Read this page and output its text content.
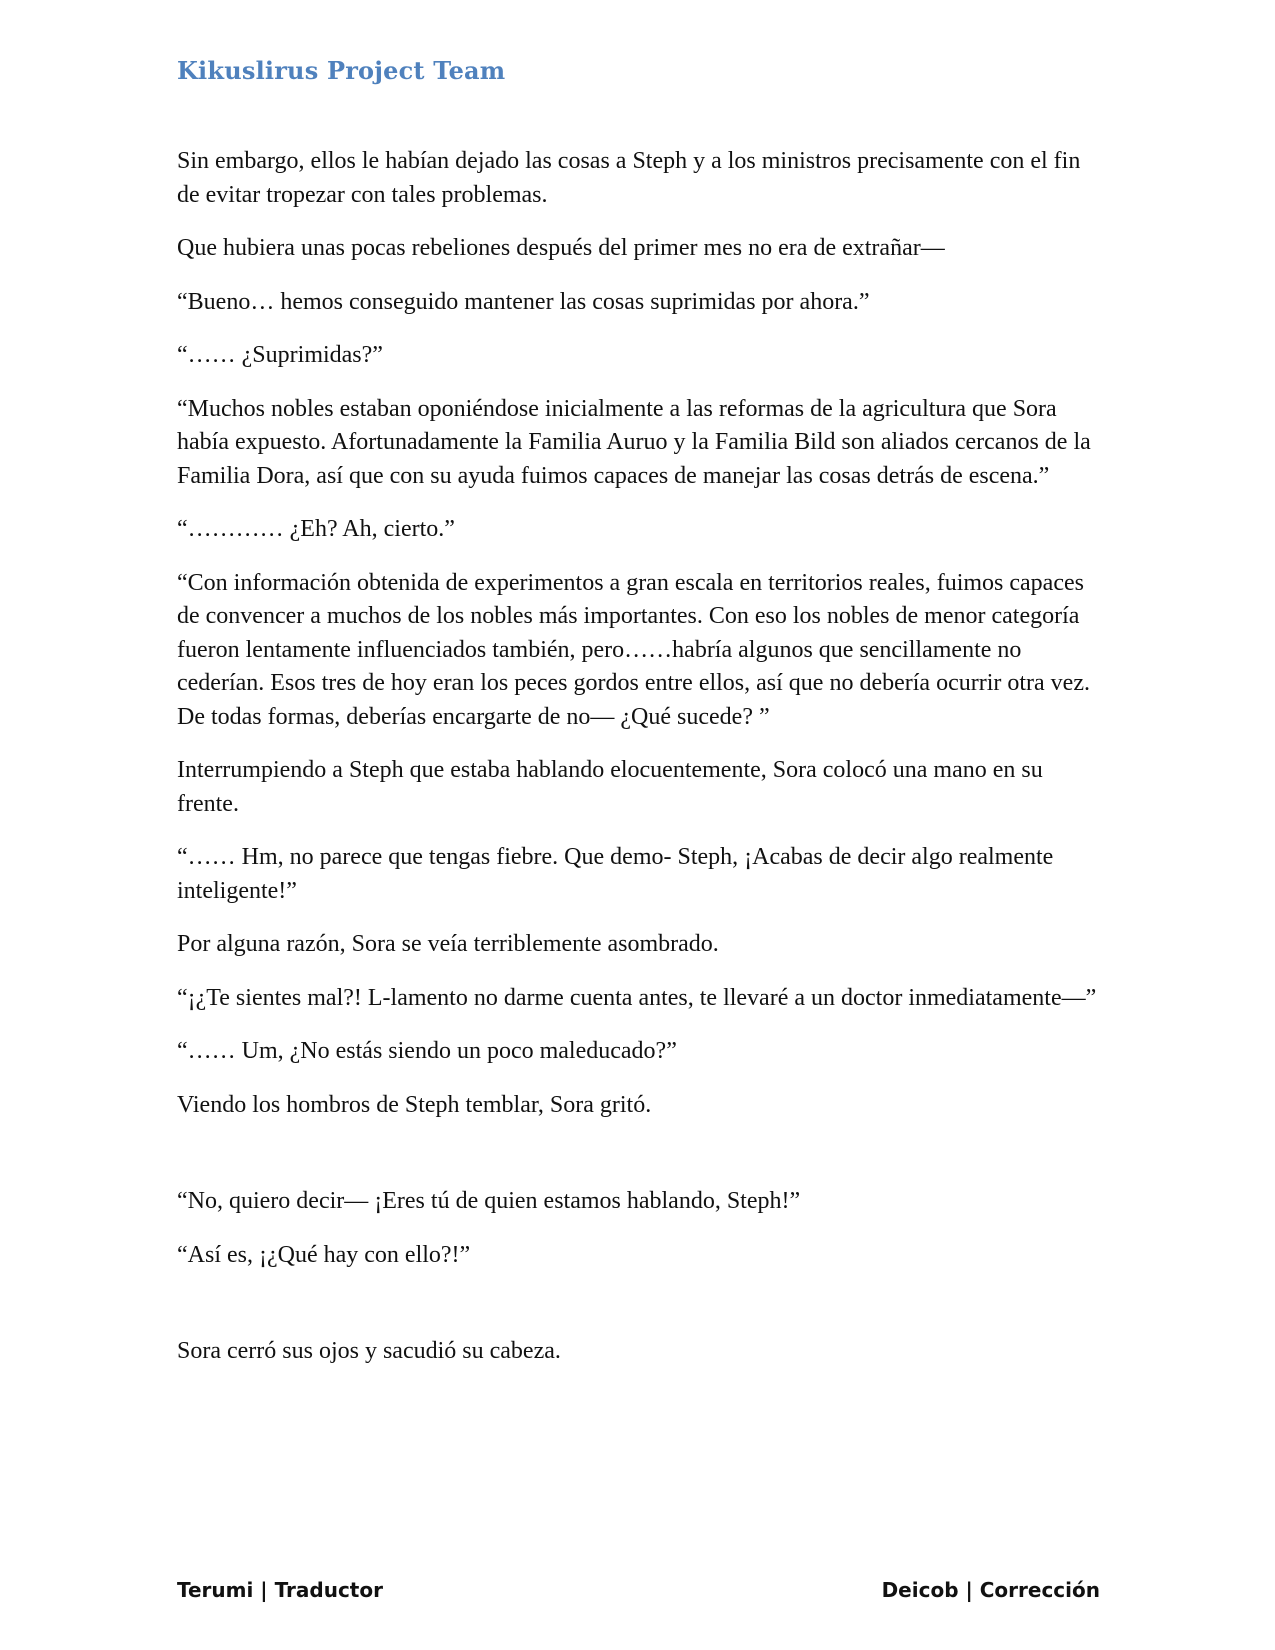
Kikuslirus Project Team

Sin embargo, ellos le habían dejado las cosas a Steph y a los ministros precisamente con el fin de evitar tropezar con tales problemas.

Que hubiera unas pocas rebeliones después del primer mes no era de extrañar—

“Bueno… hemos conseguido mantener las cosas suprimidas por ahora.”

“…… ¿Suprimidas?”

“Muchos nobles estaban oponiéndose inicialmente a las reformas de la agricultura que Sora había expuesto. Afortunadamente la Familia Auruo y la Familia Bild son aliados cercanos de la Familia Dora, así que con su ayuda fuimos capaces de manejar las cosas detrás de escena.”

“………… ¿Eh? Ah, cierto.”

“Con información obtenida de experimentos a gran escala en territorios reales, fuimos capaces de convencer a muchos de los nobles más importantes. Con eso los nobles de menor categoría fueron lentamente influenciados también, pero……habría algunos que sencillamente no cederían. Esos tres de hoy eran los peces gordos entre ellos, así que no debería ocurrir otra vez. De todas formas, deberías encargarte de no— ¿Qué sucede? ”

Interrumpiendo a Steph que estaba hablando elocuentemente, Sora colocó una mano en su frente.

“…… Hm, no parece que tengas fiebre. Que demo- Steph, ¡Acabas de decir algo realmente inteligente!”

Por alguna razón, Sora se veía terriblemente asombrado.

“¡¿Te sientes mal?! L-lamento no darme cuenta antes, te llevaré a un doctor inmediatamente—”

“…… Um, ¿No estás siendo un poco maleducado?”

Viendo los hombros de Steph temblar, Sora gritó.

“No, quiero decir— ¡Eres tú de quien estamos hablando, Steph!”

“Así es, ¡¿Qué hay con ello?!”

Sora cerró sus ojos y sacudió su cabeza.

Terumi | Traductor	Deicob | Corrección
